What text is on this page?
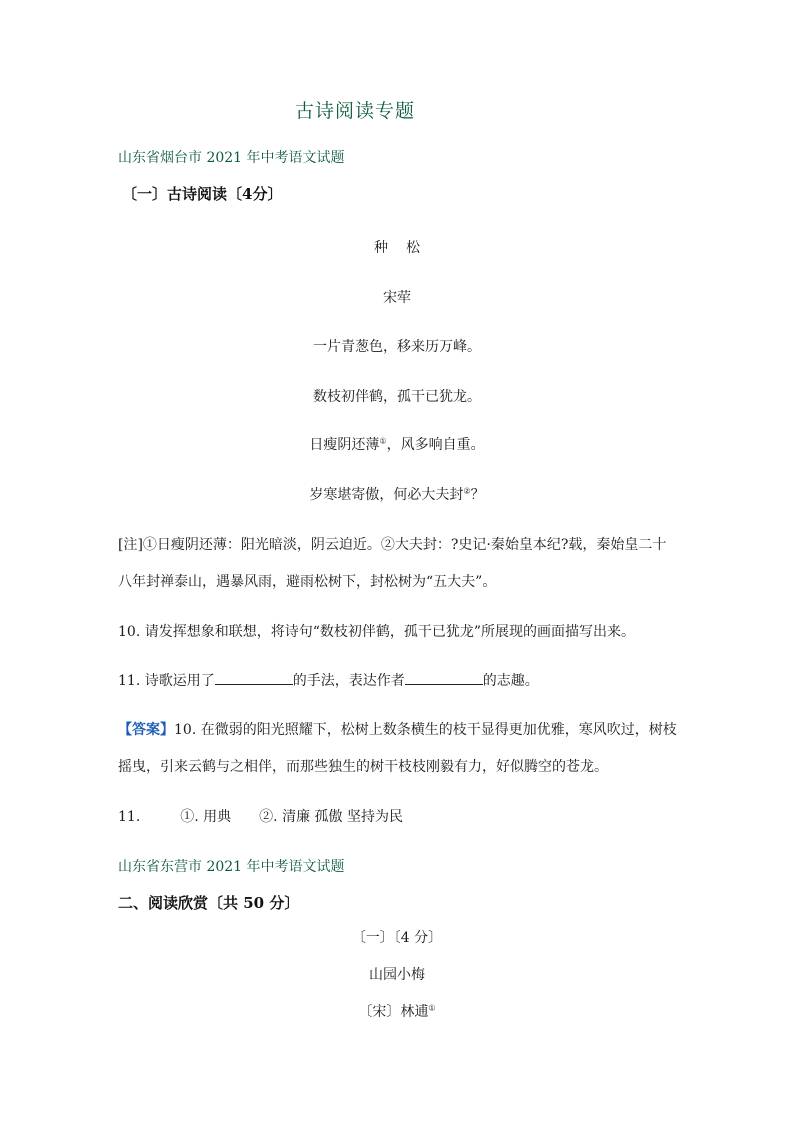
古诗阅读专题
山东省烟台市 2021 年中考语文试题
〔一〕古诗阅读〔4分〕
种松
宋荦
一片青葱色，移来历万峰。
数枝初伴鹤，孤干已犹龙。
日瘦阴还薄①，风多响自重。
岁寒堪寄傲，何必大夫封②？
[注]①日瘦阴还薄：阳光暗淡，阴云迫近。②大夫封：?史记·秦始皇本纪?载，秦始皇二十
八年封禅泰山，遇暴风雨，避雨松树下，封松树为“五大夫”。
10. 请发挥想象和联想，将诗句“数枝初伴鹤，孤干已犹龙”所展现的画面描写出来。
11. 诗歌运用了	的手法，表达作者	的志趣。
【答案】10. 在微弱的阳光照耀下，松树上数条横生的枝干显得更加优雅，寒风吹过，树枝
摇曳，引来云鹤与之相伴，而那些独生的树干枝枝刚毅有力，好似腾空的苍龙。
11.	①. 用典　　②. 清廉 孤傲 坚持为民
山东省东营市 2021 年中考语文试题
二、阅读欣赏〔共 50 分〕
〔一〕〔4 分〕
山园小梅
〔宋〕林逋①
